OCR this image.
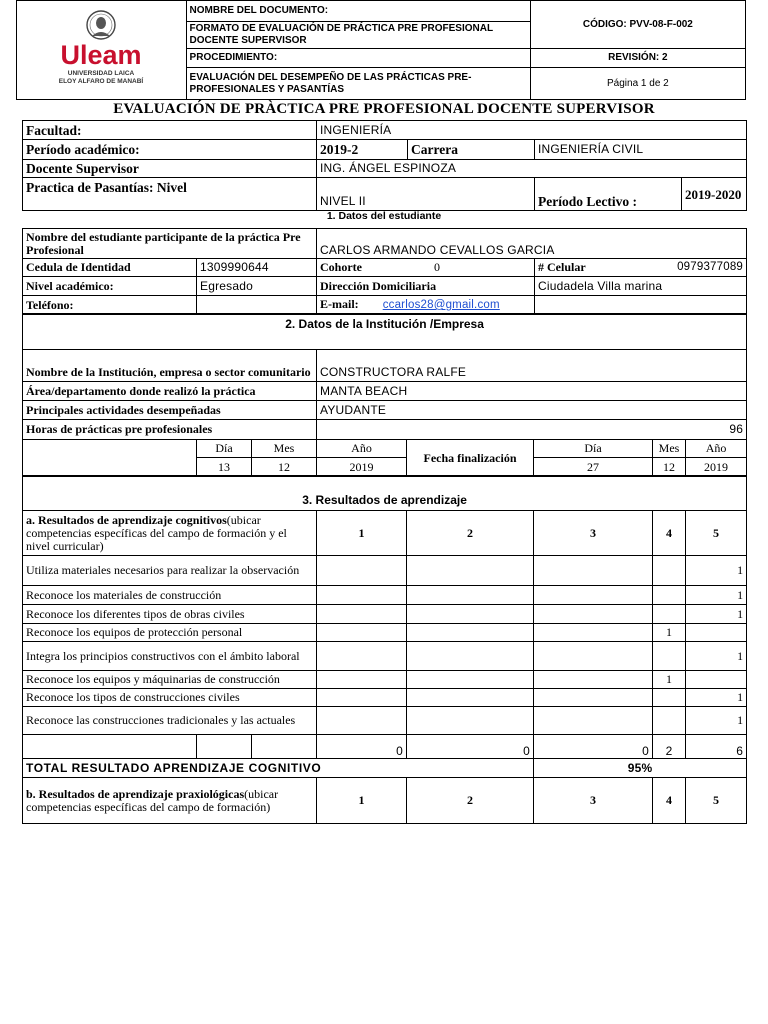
Uleam
UNIVERSIDAD LAICA
ELOY ALFARO DE MANABÍ	NOMBRE DEL DOCUMENTO:	CÓDIGO: PVV-08-F-002
	FORMATO DE EVALUACIÓN DE PRÁCTICA PRE PROFESIONAL DOCENTE SUPERVISOR	
	PROCEDIMIENTO:	REVISIÓN: 2
	EVALUACIÓN DEL DESEMPEÑO DE LAS PRÁCTICAS PRE-PROFESIONALES Y PASANTÍAS	Página 1 de 2
EVALUACIÓN DE PRÀCTICA PRE PROFESIONAL DOCENTE SUPERVISOR
Facultad:	INGENIERÍA			
Período académico:	2019-2	Carrera	INGENIERÍA CIVIL	
Docente Supervisor	ING. ÁNGEL ESPINOZA			
Practica de Pasantías: Nivel	NIVEL II		Período Lectivo :	2019-2020
1. Datos del estudiante
Nombre del estudiante participante de la práctica Pre Profesional		CARLOS ARMANDO CEVALLOS GARCIA	
Cedula de Identidad	1309990644	Cohorte 0	# Celular 0979377089

Nivel académico:	Egresado	Dirección Domiciliaria	Ciudadela Villa marina
Teléfono:		E-mail: ccarlos28@gmail.com	
2. Datos de la Institución /Empresa							
Nombre de la Institución, empresa o sector comunitario			CONSTRUCTORA RALFE				
Área/departamento donde realizó la práctica			MANTA BEACH				
Principales actividades desempeñadas			AYUDANTE				
Horas de prácticas pre profesionales			96				
	Día	Mes	Año	Fecha finalización	Día	Mes	Año
	13	12	2019		27	12	2019
3. Resultados de aprendizaje							
a. Resultados de aprendizaje cognitivos(ubicar competencias específicas del campo de formación y el nivel curricular)			1	2	3	4	5
Utiliza materiales necesarios para realizar la observación							1
Reconoce los materiales de construcción							1
Reconoce los diferentes tipos de obras civiles							1
Reconoce los equipos de protección personal						1	
Integra los principios constructivos con el ámbito laboral							1
Reconoce los equipos y máquinarias de construcción						1	
Reconoce los tipos de construcciones civiles							1
Reconoce las construcciones tradicionales y las actuales							1
			0	0	0	2	6
TOTAL RESULTADO APRENDIZAJE COGNITIVO					95%		
b. Resultados de aprendizaje praxiológicas(ubicar competencias específicas del campo de formación)			1	2	3	4	5
